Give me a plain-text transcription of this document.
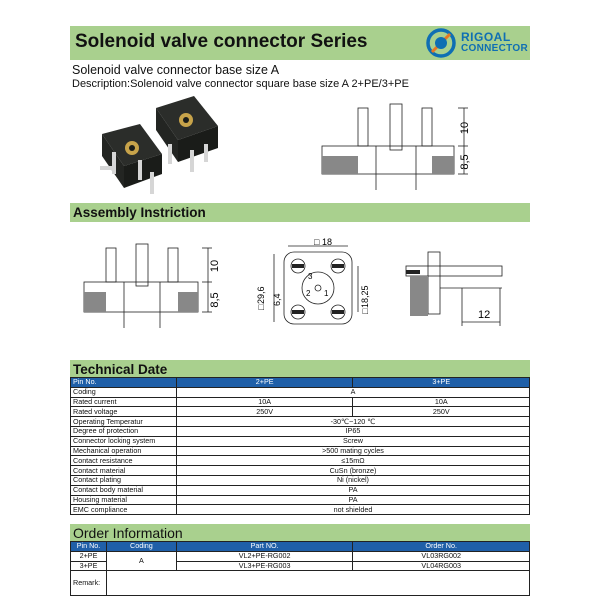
Solenoid valve connector Series	RIGOAL
CONNECTOR
Solenoid valve connector base size A
Description:Solenoid valve connector square base size A 2+PE/3+PE
10
8,5
Assembly Instriction
10
8,5
□ 18
29,6
□
6,4	18,25
□
3
2 1
12
Technical Date
Pin No.	2+PE	3+PE
Coding	A	
Rated current	10A	10A
Rated voltage	250V	250V
Operating Temperatur	-30℃~120 ℃	
Degree of protection	IP65	
Connector locking system	Screw	
Mechanical operation	>500 mating cycles	
Contact resistance	≤15mΩ	
Contact material	CuSn (bronze)	
Contact plating	Ni (nickel)	
Contact body material	PA	
Housing material	PA	
EMC compliance	not shielded	
Order Information
Pin No.	Coding	Part NO.	Order No.
2+PE	A	VL2+PE-RG002	VL03RG002
3+PE		VL3+PE-RG003	VL04RG003
Remark:			
